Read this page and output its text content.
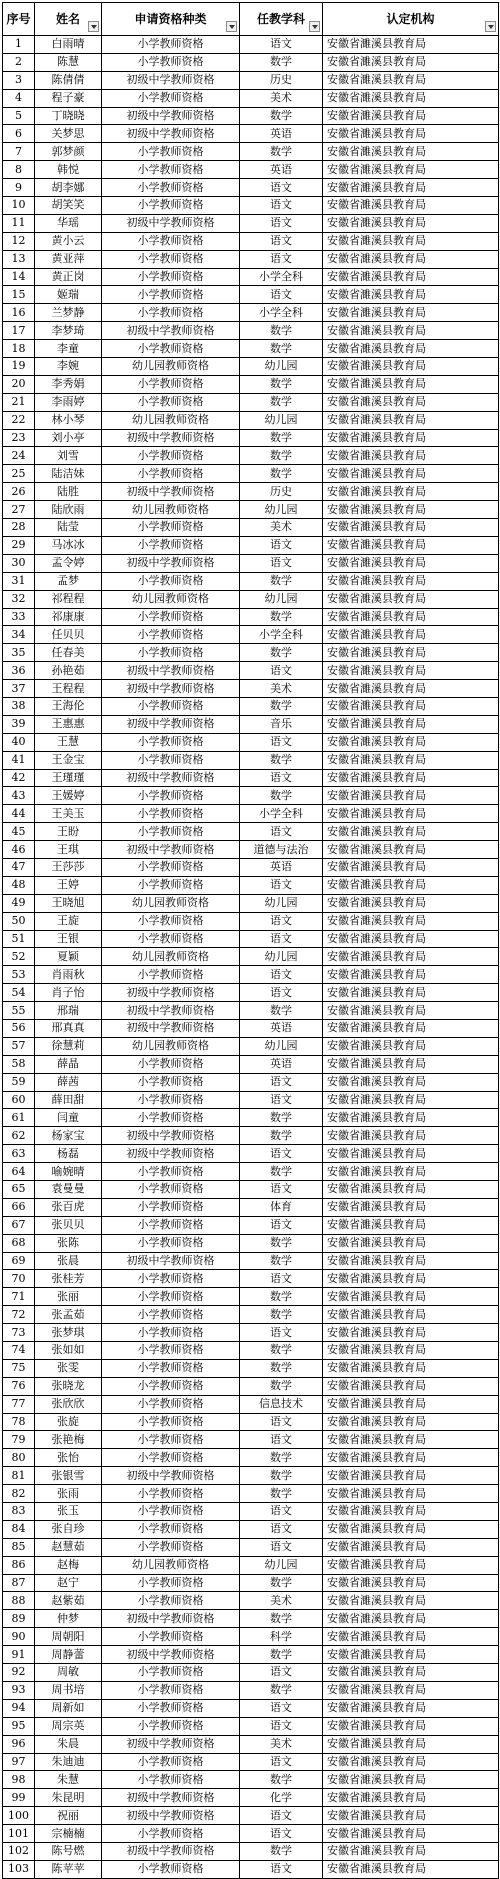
序号	姓名	申请资格种类	任教学科	认定机构

1	白雨晴	小学教师资格	语文	安徽省濉溪县教育局
2	陈慧	小学教师资格	数学	安徽省濉溪县教育局
3	陈倩倩	初级中学教师资格	历史	安徽省濉溪县教育局
4	程子豪	小学教师资格	美术	安徽省濉溪县教育局
5	丁晓晓	初级中学教师资格	数学	安徽省濉溪县教育局
6	关梦思	初级中学教师资格	英语	安徽省濉溪县教育局
7	郭梦颜	小学教师资格	数学	安徽省濉溪县教育局
8	韩悦	小学教师资格	英语	安徽省濉溪县教育局
9	胡李娜	小学教师资格	语文	安徽省濉溪县教育局
10	胡笑笑	小学教师资格	语文	安徽省濉溪县教育局
11	华瑶	初级中学教师资格	语文	安徽省濉溪县教育局
12	黄小云	小学教师资格	语文	安徽省濉溪县教育局
13	黄亚萍	小学教师资格	语文	安徽省濉溪县教育局
14	黄正岗	小学教师资格	小学全科	安徽省濉溪县教育局
15	姬瑞	小学教师资格	语文	安徽省濉溪县教育局
16	兰梦静	小学教师资格	小学全科	安徽省濉溪县教育局
17	李梦琦	初级中学教师资格	数学	安徽省濉溪县教育局
18	李童	小学教师资格	数学	安徽省濉溪县教育局
19	李婉	幼儿园教师资格	幼儿园	安徽省濉溪县教育局
20	李秀娟	小学教师资格	数学	安徽省濉溪县教育局
21	李雨婷	小学教师资格	数学	安徽省濉溪县教育局
22	林小琴	幼儿园教师资格	幼儿园	安徽省濉溪县教育局
23	刘小亭	初级中学教师资格	数学	安徽省濉溪县教育局
24	刘雪	小学教师资格	数学	安徽省濉溪县教育局
25	陆洁妹	小学教师资格	数学	安徽省濉溪县教育局
26	陆胜	初级中学教师资格	历史	安徽省濉溪县教育局
27	陆欣雨	幼儿园教师资格	幼儿园	安徽省濉溪县教育局
28	陆莹	小学教师资格	美术	安徽省濉溪县教育局
29	马冰冰	小学教师资格	语文	安徽省濉溪县教育局
30	孟令婷	初级中学教师资格	语文	安徽省濉溪县教育局
31	孟梦	小学教师资格	数学	安徽省濉溪县教育局
32	祁程程	幼儿园教师资格	幼儿园	安徽省濉溪县教育局
33	祁康康	小学教师资格	数学	安徽省濉溪县教育局
34	任贝贝	小学教师资格	小学全科	安徽省濉溪县教育局
35	任春美	小学教师资格	数学	安徽省濉溪县教育局
36	孙艳茹	初级中学教师资格	语文	安徽省濉溪县教育局
37	王程程	初级中学教师资格	美术	安徽省濉溪县教育局
38	王海伦	小学教师资格	数学	安徽省濉溪县教育局
39	王惠惠	初级中学教师资格	音乐	安徽省濉溪县教育局
40	王慧	小学教师资格	语文	安徽省濉溪县教育局
41	王金宝	小学教师资格	数学	安徽省濉溪县教育局
42	王瑾瑾	初级中学教师资格	语文	安徽省濉溪县教育局
43	王媛婷	小学教师资格	数学	安徽省濉溪县教育局
44	王美玉	小学教师资格	小学全科	安徽省濉溪县教育局
45	王盼	小学教师资格	语文	安徽省濉溪县教育局
46	王琪	初级中学教师资格	道德与法治	安徽省濉溪县教育局
47	王莎莎	小学教师资格	英语	安徽省濉溪县教育局
48	王婷	小学教师资格	语文	安徽省濉溪县教育局
49	王晓旭	幼儿园教师资格	幼儿园	安徽省濉溪县教育局
50	王旋	小学教师资格	语文	安徽省濉溪县教育局
51	王银	小学教师资格	语文	安徽省濉溪县教育局
52	夏颖	幼儿园教师资格	幼儿园	安徽省濉溪县教育局
53	肖雨秋	小学教师资格	语文	安徽省濉溪县教育局
54	肖子怡	初级中学教师资格	语文	安徽省濉溪县教育局
55	邢瑞	初级中学教师资格	数学	安徽省濉溪县教育局
56	邢真真	初级中学教师资格	英语	安徽省濉溪县教育局
57	徐慧莉	幼儿园教师资格	幼儿园	安徽省濉溪县教育局
58	薛晶	小学教师资格	英语	安徽省濉溪县教育局
59	薛茜	小学教师资格	语文	安徽省濉溪县教育局
60	薛田甜	小学教师资格	语文	安徽省濉溪县教育局
61	闫童	小学教师资格	数学	安徽省濉溪县教育局
62	杨家宝	初级中学教师资格	数学	安徽省濉溪县教育局
63	杨磊	初级中学教师资格	语文	安徽省濉溪县教育局
64	喻婉晴	小学教师资格	数学	安徽省濉溪县教育局
65	袁曼曼	小学教师资格	语文	安徽省濉溪县教育局
66	张百虎	小学教师资格	体育	安徽省濉溪县教育局
67	张贝贝	小学教师资格	语文	安徽省濉溪县教育局
68	张陈	小学教师资格	数学	安徽省濉溪县教育局
69	张晨	初级中学教师资格	数学	安徽省濉溪县教育局
70	张桂芳	小学教师资格	语文	安徽省濉溪县教育局
71	张丽	小学教师资格	数学	安徽省濉溪县教育局
72	张孟茹	小学教师资格	数学	安徽省濉溪县教育局
73	张梦琪	小学教师资格	语文	安徽省濉溪县教育局
74	张如如	小学教师资格	数学	安徽省濉溪县教育局
75	张雯	小学教师资格	数学	安徽省濉溪县教育局
76	张晓龙	小学教师资格	数学	安徽省濉溪县教育局
77	张欣欣	小学教师资格	信息技术	安徽省濉溪县教育局
78	张旋	小学教师资格	语文	安徽省濉溪县教育局
79	张艳梅	小学教师资格	语文	安徽省濉溪县教育局
80	张怡	小学教师资格	数学	安徽省濉溪县教育局
81	张银雪	初级中学教师资格	数学	安徽省濉溪县教育局
82	张雨	小学教师资格	数学	安徽省濉溪县教育局
83	张玉	小学教师资格	语文	安徽省濉溪县教育局
84	张自珍	小学教师资格	语文	安徽省濉溪县教育局
85	赵慧茹	小学教师资格	语文	安徽省濉溪县教育局
86	赵梅	幼儿园教师资格	幼儿园	安徽省濉溪县教育局
87	赵宁	小学教师资格	数学	安徽省濉溪县教育局
88	赵紫茹	小学教师资格	美术	安徽省濉溪县教育局
89	仲梦	初级中学教师资格	数学	安徽省濉溪县教育局
90	周朝阳	小学教师资格	科学	安徽省濉溪县教育局
91	周静蕾	初级中学教师资格	数学	安徽省濉溪县教育局
92	周敏	小学教师资格	语文	安徽省濉溪县教育局
93	周书培	小学教师资格	数学	安徽省濉溪县教育局
94	周新如	小学教师资格	语文	安徽省濉溪县教育局
95	周宗英	小学教师资格	语文	安徽省濉溪县教育局
96	朱晨	初级中学教师资格	美术	安徽省濉溪县教育局
97	朱迪迪	小学教师资格	语文	安徽省濉溪县教育局
98	朱慧	小学教师资格	数学	安徽省濉溪县教育局
99	朱昆明	初级中学教师资格	化学	安徽省濉溪县教育局
100	祝丽	初级中学教师资格	语文	安徽省濉溪县教育局
101	宗楠楠	小学教师资格	语文	安徽省濉溪县教育局
102	陈号燃	初级中学教师资格	数学	安徽省濉溪县教育局
103	陈苹苹	小学教师资格	语文	安徽省濉溪县教育局
